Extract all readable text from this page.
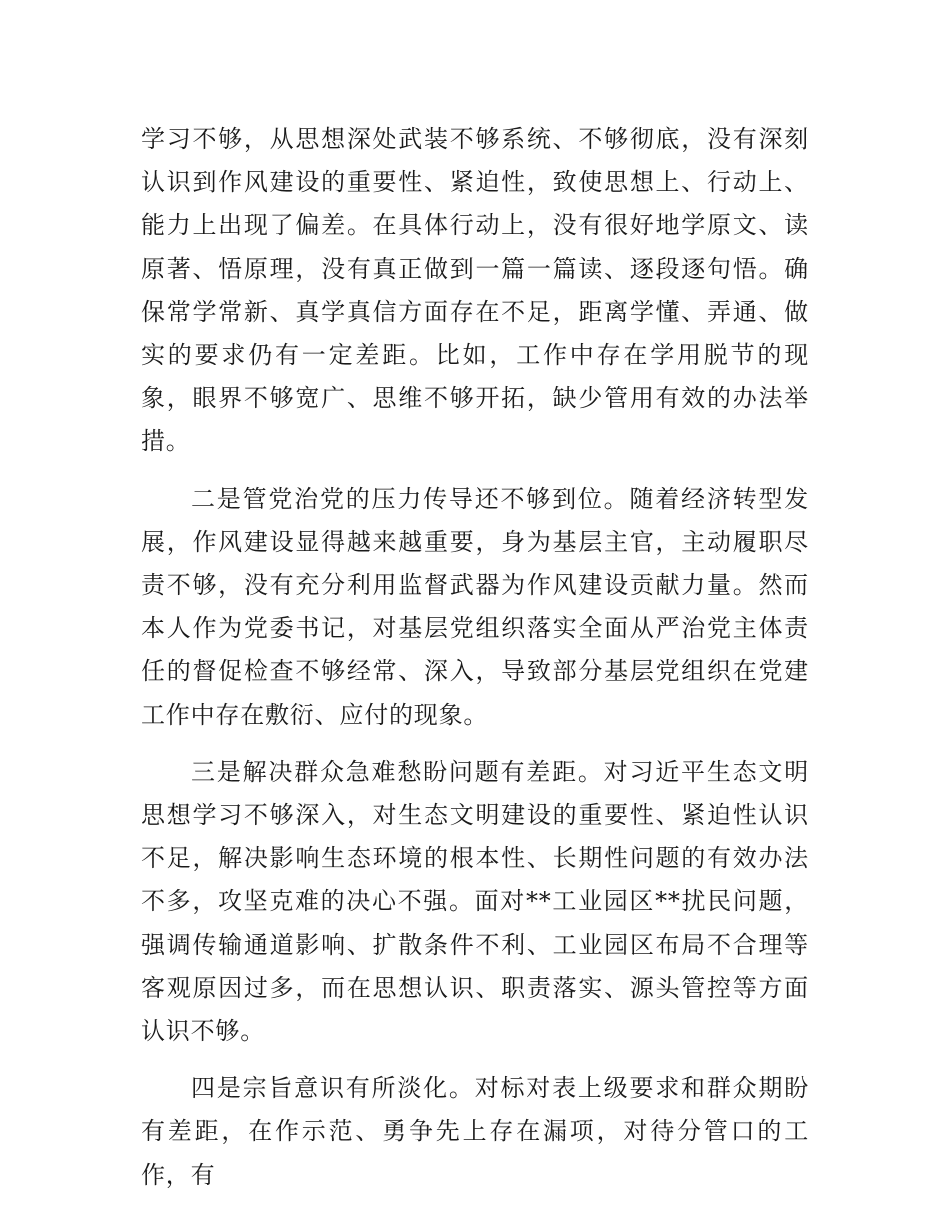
学习不够，从思想深处武装不够系统、不够彻底，没有深刻认识到作风建设的重要性、紧迫性，致使思想上、行动上、能力上出现了偏差。在具体行动上，没有很好地学原文、读原著、悟原理，没有真正做到一篇一篇读、逐段逐句悟。确保常学常新、真学真信方面存在不足，距离学懂、弄通、做实的要求仍有一定差距。比如，工作中存在学用脱节的现象，眼界不够宽广、思维不够开拓，缺少管用有效的办法举措。

二是管党治党的压力传导还不够到位。随着经济转型发展，作风建设显得越来越重要，身为基层主官，主动履职尽责不够，没有充分利用监督武器为作风建设贡献力量。然而本人作为党委书记，对基层党组织落实全面从严治党主体责任的督促检查不够经常、深入，导致部分基层党组织在党建工作中存在敷衍、应付的现象。

三是解决群众急难愁盼问题有差距。对习近平生态文明思想学习不够深入，对生态文明建设的重要性、紧迫性认识不足，解决影响生态环境的根本性、长期性问题的有效办法不多，攻坚克难的决心不强。面对**工业园区**扰民问题，强调传输通道影响、扩散条件不利、工业园区布局不合理等客观原因过多，而在思想认识、职责落实、源头管控等方面认识不够。

四是宗旨意识有所淡化。对标对表上级要求和群众期盼有差距，在作示范、勇争先上存在漏项，对待分管口的工作，有
